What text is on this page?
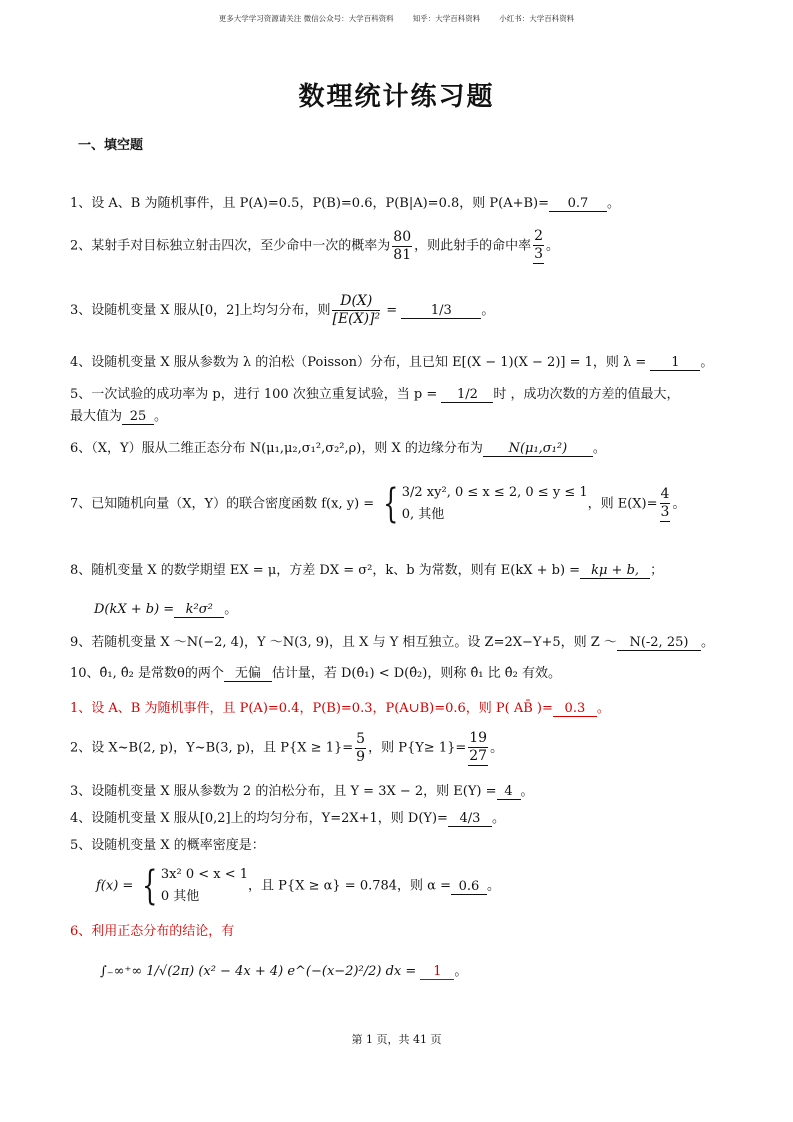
更多大学学习资源请关注 微信公众号：大学百科资料        知乎：大学百科资料        小红书：大学百科资料
数理统计练习题
一、填空题
1、设 A、B 为随机事件，且 P(A)=0.5，P(B)=0.6，P(B|A)=0.8，则 P(A+B)= 0.7 。
2、某射手对目标独立射击四次，至少命中一次的概率为 $\frac{80}{81}$ ，则此射手的命中率 $\frac{2}{3}$ 。
3、设随机变量 X 服从[0，2]上均匀分布，则 $\frac{D(X)}{\text{[E(X)]²}} = 1/3$ 。
4、设随机变量 X 服从参数为 λ 的泊松（Poisson）分布，且已知 E[(X − 1)(X − 2)] = 1，则 λ = 1 。
5、一次试验的成功率为 p，进行 100 次独立重复试验，当 p = 1/2 时 ，成功次数的方差的值最大，
最大值为 25 。
6、（X，Y）服从二维正态分布 N(μ₁,μ₂,σ₁²,σ₂²,ρ)，则 X 的边缘分布为 N(μ₁,σ₁²) 。
7、已知随机向量（X，Y）的联合密度函数 f(x, y) = { 3/2 xy², 0 ≤ x ≤ 2, 0 ≤ y ≤ 1
0, 其他
，则 $E(X)= \frac{4}{3}$ 。
8、随机变量 X 的数学期望 EX = μ，方差 DX = σ²，k、b 为常数，则有 E(kX + b) = kμ + b, ；
D(kX + b) = k²σ² 。
9、若随机变量 X ～N(−2, 4)，Y ～N(3, 9)，且 X 与 Y 相互独立。设 Z=2X−Y+5，则 Z ～ N(-2, 25) 。
10、θ̂₁, θ̂₂ 是常数θ的两个 无偏 估计量，若 D(θ̂₁) < D(θ̂₂)，则称 θ̂₁ 比 θ̂₂ 有效。
1、设 A、B 为随机事件，且 P(A)=0.4，P(B)=0.3，P(A∪B)=0.6，则 P( AB̄ )= 0.3 。
2、设 X~B(2, p)，Y~B(3, p)，且 $P\{X \ge 1\}= \frac{5}{9}$ ，则 $P\{Y\ge 1\}= \frac{19}{27}$ 。
3、设随机变量 X 服从参数为 2 的泊松分布，且 Y = 3X − 2，则 E(Y) = 4 。
4、设随机变量 X 服从[0,2]上的均匀分布，Y=2X+1，则 D(Y)= 4/3 。
5、设随机变量 X 的概率密度是：
f(x) = { 3x² 0 < x < 1
0 其他
，且 P{X ≥ α} = 0.784，则 α = 0.6 。
6、利用正态分布的结论，有
∫₋∞⁺∞ 1/√(2π) (x² − 4x + 4) e^(−(x−2)²/2) dx = 1 。
第 1 页，共 41 页
